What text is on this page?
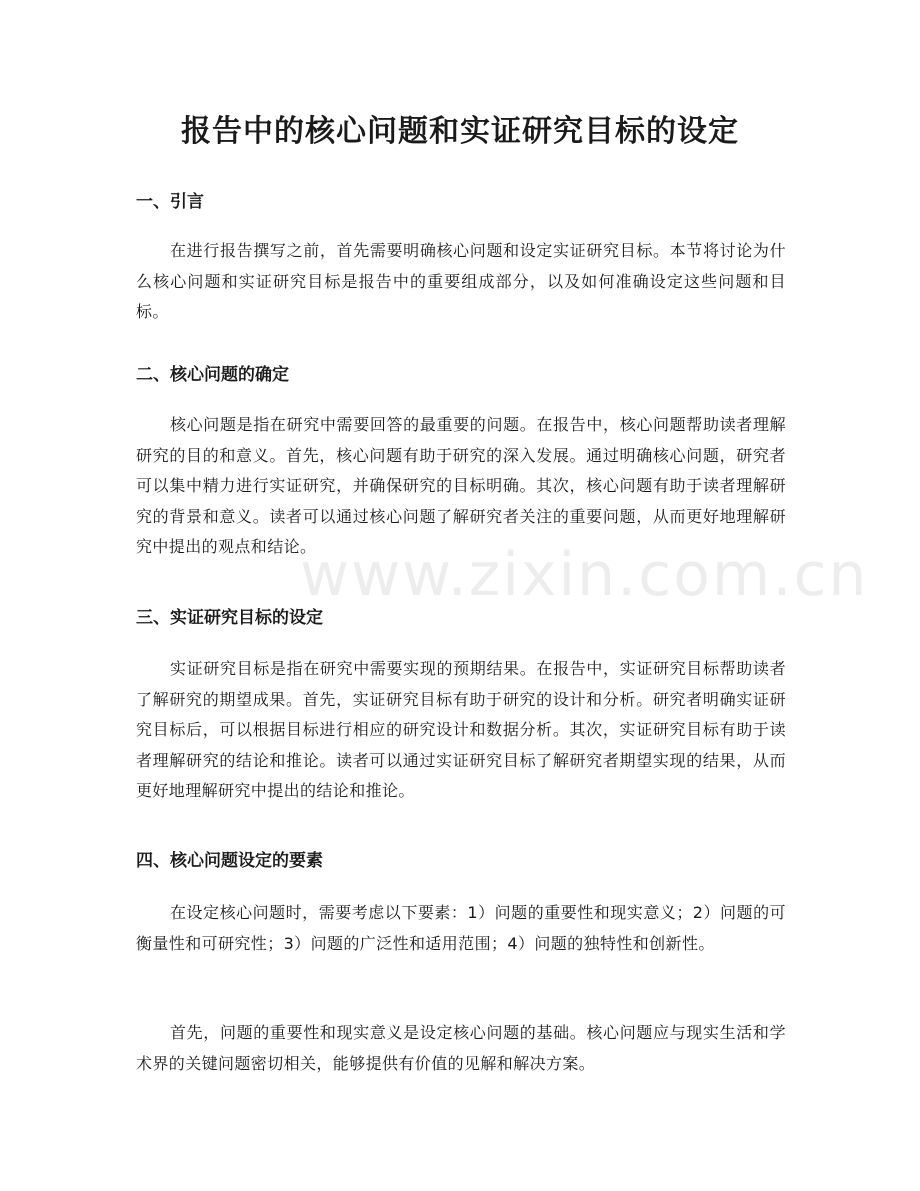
报告中的核心问题和实证研究目标的设定
一、引言

在进行报告撰写之前，首先需要明确核心问题和设定实证研究目标。本节将讨论为什么核心问题和实证研究目标是报告中的重要组成部分，以及如何准确设定这些问题和目标。

二、核心问题的确定

核心问题是指在研究中需要回答的最重要的问题。在报告中，核心问题帮助读者理解研究的目的和意义。首先，核心问题有助于研究的深入发展。通过明确核心问题，研究者可以集中精力进行实证研究，并确保研究的目标明确。其次，核心问题有助于读者理解研究的背景和意义。读者可以通过核心问题了解研究者关注的重要问题，从而更好地理解研究中提出的观点和结论。

三、实证研究目标的设定

实证研究目标是指在研究中需要实现的预期结果。在报告中，实证研究目标帮助读者了解研究的期望成果。首先，实证研究目标有助于研究的设计和分析。研究者明确实证研究目标后，可以根据目标进行相应的研究设计和数据分析。其次，实证研究目标有助于读者理解研究的结论和推论。读者可以通过实证研究目标了解研究者期望实现的结果，从而更好地理解研究中提出的结论和推论。

四、核心问题设定的要素

在设定核心问题时，需要考虑以下要素：1）问题的重要性和现实意义；2）问题的可衡量性和可研究性；3）问题的广泛性和适用范围；4）问题的独特性和创新性。

首先，问题的重要性和现实意义是设定核心问题的基础。核心问题应与现实生活和学术界的关键问题密切相关，能够提供有价值的见解和解决方案。

www.zixin.com.cn
